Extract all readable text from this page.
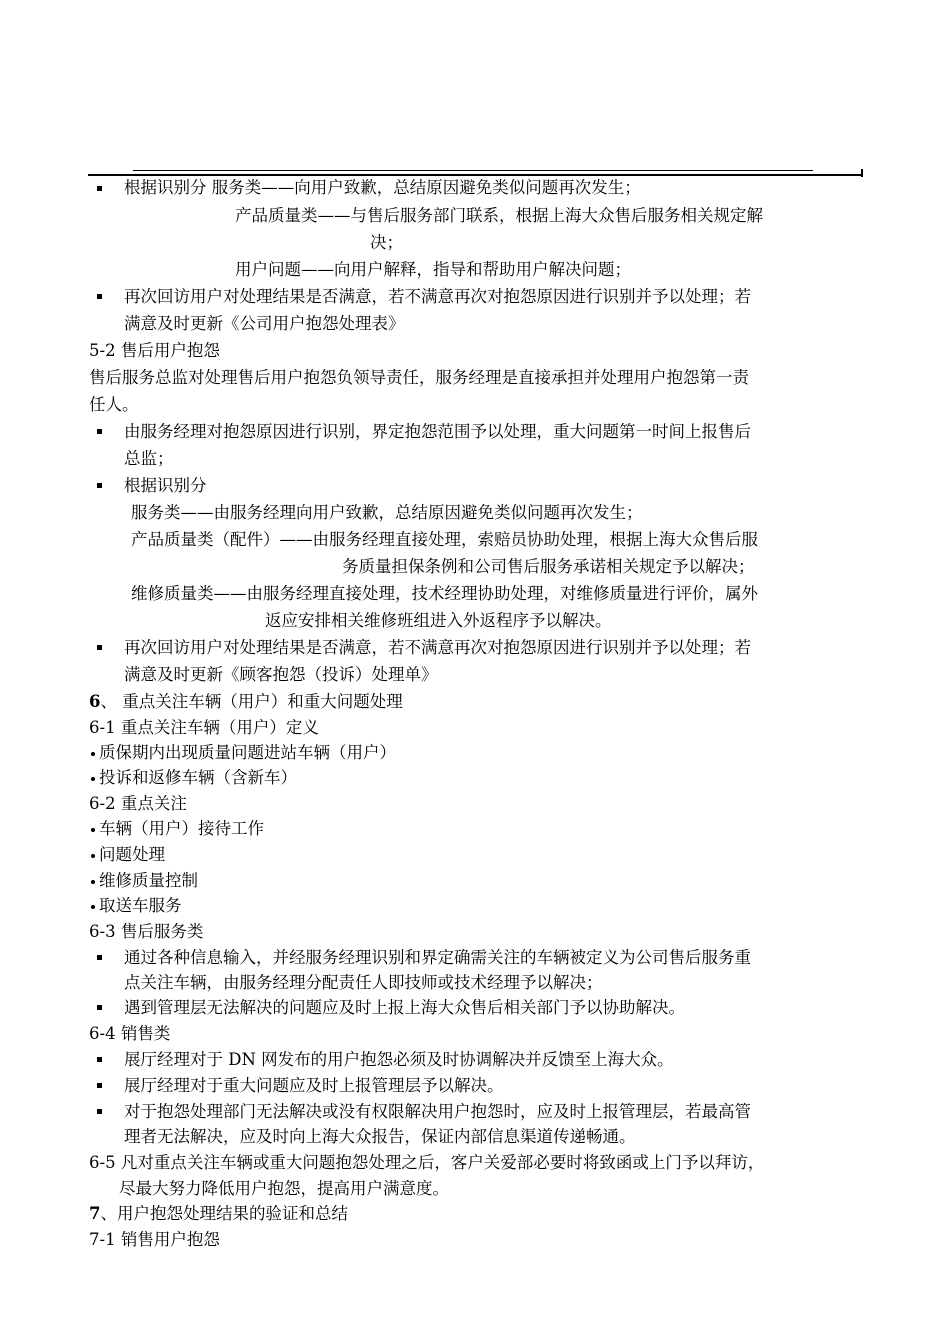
根据识别分 服务类——向用户致歉，总结原因避免类似问题再次发生；
产品质量类——与售后服务部门联系，根据上海大众售后服务相关规定解
决；
用户问题——向用户解释，指导和帮助用户解决问题；
再次回访用户对处理结果是否满意，若不满意再次对抱怨原因进行识别并予以处理；若
满意及时更新《公司用户抱怨处理表》
5-2 售后用户抱怨
售后服务总监对处理售后用户抱怨负领导责任，服务经理是直接承担并处理用户抱怨第一责
任人。
由服务经理对抱怨原因进行识别，界定抱怨范围予以处理，重大问题第一时间上报售后
总监；
根据识别分
服务类——由服务经理向用户致歉，总结原因避免类似问题再次发生；
产品质量类（配件）——由服务经理直接处理，索赔员协助处理，根据上海大众售后服
务质量担保条例和公司售后服务承诺相关规定予以解决；
维修质量类——由服务经理直接处理，技术经理协助处理，对维修质量进行评价，属外
返应安排相关维修班组进入外返程序予以解决。
再次回访用户对处理结果是否满意，若不满意再次对抱怨原因进行识别并予以处理；若
满意及时更新《顾客抱怨（投诉）处理单》
6、 重点关注车辆（用户）和重大问题处理
6-1 重点关注车辆（用户）定义
质保期内出现质量问题进站车辆（用户）
投诉和返修车辆（含新车）
6-2 重点关注
车辆（用户）接待工作
问题处理
维修质量控制
取送车服务
6-3 售后服务类
通过各种信息输入，并经服务经理识别和界定确需关注的车辆被定义为公司售后服务重
点关注车辆，由服务经理分配责任人即技师或技术经理予以解决；
遇到管理层无法解决的问题应及时上报上海大众售后相关部门予以协助解决。
6-4 销售类
展厅经理对于 DN 网发布的用户抱怨必须及时协调解决并反馈至上海大众。
展厅经理对于重大问题应及时上报管理层予以解决。
对于抱怨处理部门无法解决或没有权限解决用户抱怨时，应及时上报管理层，若最高管
理者无法解决，应及时向上海大众报告，保证内部信息渠道传递畅通。
6-5 凡对重点关注车辆或重大问题抱怨处理之后，客户关爱部必要时将致函或上门予以拜访，
尽最大努力降低用户抱怨，提高用户满意度。
7、用户抱怨处理结果的验证和总结
7-1 销售用户抱怨
